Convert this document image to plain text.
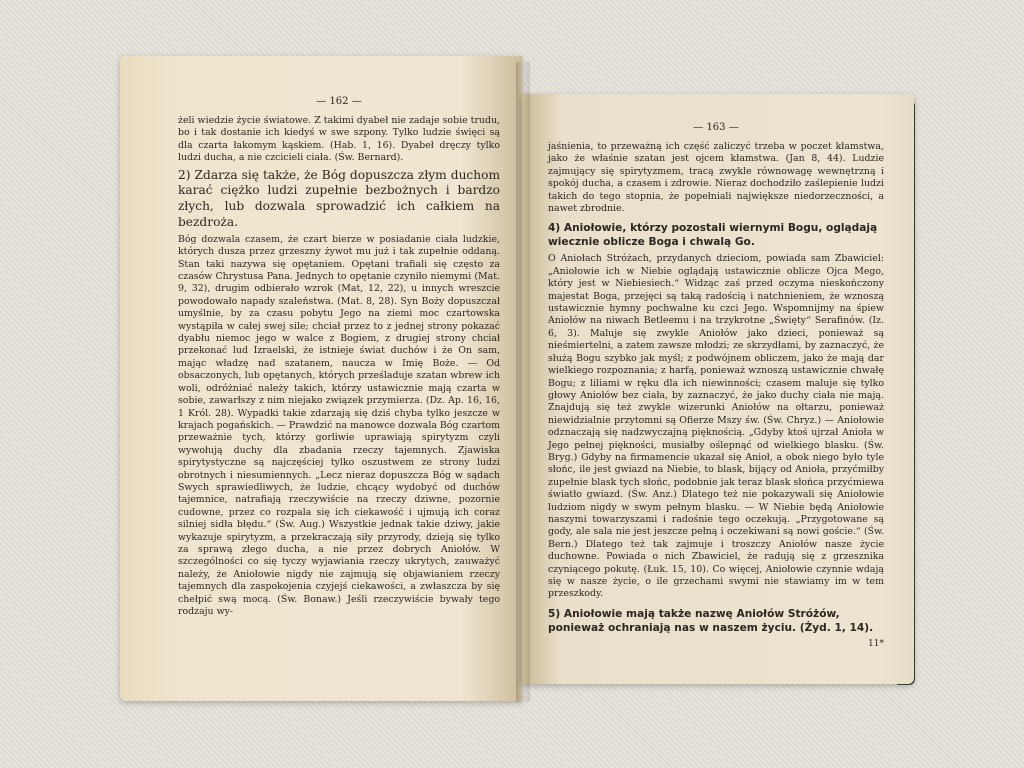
— 162 —

żeli wiedzie życie światowe. Z takimi dyabeł nie zadaje sobie trudu, bo i tak dostanie ich kiedyś w swe szpony. Tylko ludzie święci są dla czarta łakomym kąskiem. (Hab. 1, 16). Dyabeł dręczy tylko ludzi ducha, a nie czcicieli ciała. (Św. Bernard).

2) Zdarza się także, że Bóg dopuszcza złym duchom karać ciężko ludzi zupełnie bezbożnych i bardzo złych, lub dozwala sprowadzić ich całkiem na bezdroża.

Bóg dozwala czasem, że czart bierze w posiadanie ciała ludzkie, których dusza przez grzeszny żywot mu już i tak zupełnie oddaną. Stan taki nazywa się opętaniem. Opętani trafiali się często za czasów Chrystusa Pana. Jednych to opętanie czyniło niemymi (Mat. 9, 32), drugim odbierało wzrok (Mat, 12, 22), u innych wreszcie powodowało napady szaleństwa. (Mat. 8, 28). Syn Boży dopuszczał umyślnie, by za czasu pobytu Jego na ziemi moc czartowska wystąpiła w całej swej sile; chciał przez to z jednej strony pokazać dyabłu niemoc jego w walce z Bogiem, z drugiej strony chciał przekonać lud Izraelski, że istnieje świat duchów i że On sam, mając władzę nad szatanem, naucza w Imię Boże. — Od obsaczonych, lub opętanych, których prześladuje szatan wbrew ich woli, odróżniać należy takich, którzy ustawicznie mają czarta w sobie, zawarłszy z nim niejako związek przymierza. (Dz. Ap. 16, 16, 1 Król. 28). Wypadki takie zdarzają się dziś chyba tylko jeszcze w krajach pogańskich. — Prawdzić na manowce dozwala Bóg czartom przeważnie tych, którzy gorliwie uprawiają spirytyzm czyli wywołują duchy dla zbadania rzeczy tajemnych. Zjawiska spirytystyczne są najczęściej tylko oszustwem ze strony ludzi obrotnych i niesumiennych. „Lecz nieraz dopuszcza Bóg w sądach Swych sprawiedliwych, że ludzie, chcący wydobyć od duchów tajemnice, natrafiają rzeczywiście na rzeczy dziwne, pozornie cudowne, przez co rozpala się ich ciekawość i ujmują ich coraz silniej sidła błędu.“ (Św. Aug.) Wszystkie jednak takie dziwy, jakie wykazuje spirytyzm, a przekraczają siły przyrody, dzieją się tylko za sprawą złego ducha, a nie przez dobrych Aniołów. W szczególności co się tyczy wyjawiania rzeczy ukrytych, zauważyć należy, że Aniołowie nigdy nie zajmują się objawianiem rzeczy tajemnych dla zaspokojenia czyjejś ciekawości, a zwłaszcza by się chełpić swą mocą. (Św. Bonaw.) Jeśli rzeczywiście bywały tego rodzaju wy-

— 163 —

jaśnienia, to przeważną ich część zaliczyć trzeba w poczet kłamstwa, jako że właśnie szatan jest ojcem kłamstwa. (Jan 8, 44). Ludzie zajmujący się spirytyzmem, tracą zwykle równowagę wewnętrzną i spokój ducha, a czasem i zdrowie. Nieraz dochodziło zaślepienie ludzi takich do tego stopnia, że popełniali największe niedorzeczności, a nawet zbrodnie.

4) Aniołowie, którzy pozostali wiernymi Bogu, oglądają wiecznie oblicze Boga i chwalą Go.

O Aniołach Stróżach, przydanych dzieciom, powiada sam Zbawiciel: „Aniołowie ich w Niebie oglądają ustawicznie oblicze Ojca Mego, który jest w Niebiesiech.“ Widząc zaś przed oczyma nieskończony majestat Boga, przejęci są taką radością i natchnieniem, że wznoszą ustawicznie hymny pochwalne ku czci Jego. Wspomnijmy na śpiew Aniołów na niwach Betleemu i na trzykrotne „Święty“ Serafinów. (Iz. 6, 3). Maluje się zwykle Aniołów jako dzieci, ponieważ są nieśmiertelni, a zatem zawsze młodzi; ze skrzydłami, by zaznaczyć, że służą Bogu szybko jak myśl; z podwójnem obliczem, jako że mają dar wielkiego rozpoznania; z harfą, ponieważ wznoszą ustawicznie chwałę Bogu; z liliami w ręku dla ich niewinności; czasem maluje się tylko głowy Aniołów bez ciała, by zaznaczyć, że jako duchy ciała nie mają. Znajdują się też zwykle wizerunki Aniołów na ołtarzu, ponieważ niewidzialnie przytomni są Ofierze Mszy św. (Św. Chryz.) — Aniołowie odznaczają się nadzwyczajną pięknością. „Gdyby ktoś ujrzał Anioła w Jego pełnej piękności, musiałby oślepnąć od wielkiego blasku. (Św. Bryg.) Gdyby na firmamencie ukazał się Anioł, a obok niego było tyle słońc, ile jest gwiazd na Niebie, to blask, bijący od Anioła, przyćmiłby zupełnie blask tych słońc, podobnie jak teraz blask słońca przyćmiewa światło gwiazd. (Św. Anz.) Dlatego też nie pokazywali się Aniołowie ludziom nigdy w swym pełnym blasku. — W Niebie będą Aniołowie naszymi towarzyszami i radośnie tego oczekują. „Przygotowane są gody, ale sala nie jest jeszcze pełną i oczekiwani są nowi goście.“ (Św. Bern.) Dlatego też tak zajmuje i troszczy Aniołów nasze życie duchowne. Powiada o nich Zbawiciel, że radują się z grzesznika czyniącego pokutę. (Łuk. 15, 10). Co więcej, Aniołowie czynnie wdają się w nasze życie, o ile grzechami swymi nie stawiamy im w tem przeszkody.

5) Aniołowie mają także nazwę Aniołów Stróżów, ponieważ ochraniają nas w naszem życiu. (Żyd. 1, 14).
11*
